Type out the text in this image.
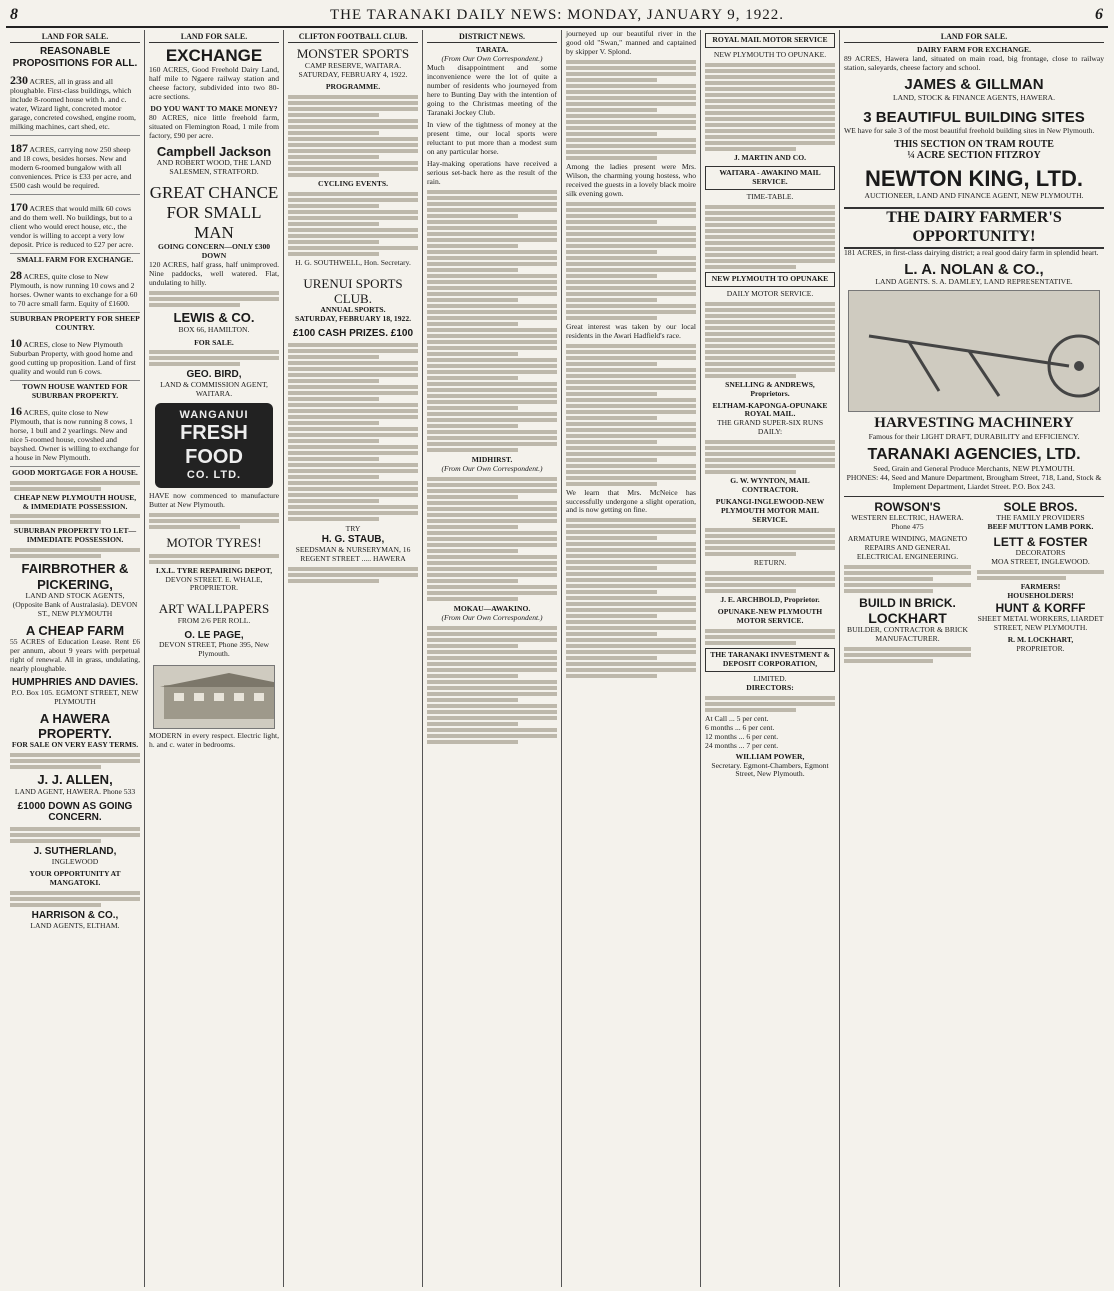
8	THE TARANAKI DAILY NEWS: MONDAY, JANUARY 9, 1922.	6
LAND FOR SALE.
REASONABLE PROPOSITIONS FOR ALL.
230 ACRES, all in grass and all ploughable. First-class buildings, which include 8-roomed house with h. and c. water, Wizard light, concreted motor garage, concreted cowshed, engine room, milking machines, cart shed, etc.
187 ACRES, carrying now 250 sheep and 18 cows, besides horses. New and modern 6-roomed bungalow with all conveniences. Price is £33 per acre, and £500 cash would be required.
170 ACRES that would milk 60 cows and do them well. No buildings, but to a client who would erect house, etc., the vendor is willing to accept a very low deposit. Price is reduced to £27 per acre.
SMALL FARM FOR EXCHANGE.
28 ACRES, quite close to New Plymouth, is now running 10 cows and 2 horses. Owner wants to exchange for a 60 to 70 acre small farm. Equity of £1600.
SUBURBAN PROPERTY FOR SHEEP COUNTRY.
10 ACRES, close to New Plymouth Suburban Property, with good home and good cutting up proposition. Land of first quality and would run 6 cows.
TOWN HOUSE WANTED FOR SUBURBAN PROPERTY.
16 ACRES, quite close to New Plymouth, that is now running 8 cows, 1 horse, 1 bull and 2 yearlings. New and nice 5-roomed house, cowshed and bayshed. Owner is willing to exchange for a house in New Plymouth.
GOOD MORTGAGE FOR A HOUSE.
CHEAP NEW PLYMOUTH HOUSE, & IMMEDIATE POSSESSION.
SUBURBAN PROPERTY TO LET—IMMEDIATE POSSESSION.
FAIRBROTHER & PICKERING,
LAND AND STOCK AGENTS, (Opposite Bank of Australasia). DEVON ST., NEW PLYMOUTH
A CHEAP FARM

55 ACRES of Education Lease. Rent £6 per annum, about 9 years with perpetual right of renewal. All in grass, undulating, nearly ploughable.

HUMPHRIES AND DAVIES.
P.O. Box 105. EGMONT STREET, NEW PLYMOUTH
A HAWERA PROPERTY.
FOR SALE ON VERY EASY TERMS.
J. J. ALLEN,
LAND AGENT, HAWERA. Phone 533
£1000 DOWN AS GOING CONCERN.
J. SUTHERLAND,
INGLEWOOD
YOUR OPPORTUNITY AT MANGATOKI.
HARRISON & CO.,
LAND AGENTS, ELTHAM.
LAND FOR SALE.
EXCHANGE

160 ACRES, Good Freehold Dairy Land, half mile to Ngaere railway station and cheese factory, subdivided into two 80-acre sections.

DO YOU WANT TO MAKE MONEY?

80 ACRES, nice little freehold farm, situated on Flemington Road, 1 mile from factory, £90 per acre.

Campbell Jackson
AND ROBERT WOOD, THE LAND SALESMEN, STRATFORD.
GREAT CHANCE FOR SMALL MAN
GOING CONCERN—ONLY £300 DOWN

120 ACRES, half grass, half unimproved. Nine paddocks, well watered. Flat, undulating to hilly.

LEWIS & CO.
BOX 66, HAMILTON.
FOR SALE.
GEO. BIRD,
LAND & COMMISSION AGENT, WAITARA.
WANGANUI
FRESH FOOD
CO. LTD.

HAVE now commenced to manufacture Butter at New Plymouth.

MOTOR TYRES!
I.X.L. TYRE REPAIRING DEPOT,
DEVON STREET. E. WHALE, PROPRIETOR.
ART WALLPAPERS
FROM 2/6 PER ROLL.
O. LE PAGE,
DEVON STREET, Phone 395, New Plymouth.

MODERN in every respect. Electric light, h. and c. water in bedrooms.

CLIFTON FOOTBALL CLUB.
MONSTER SPORTS
CAMP RESERVE, WAITARA. SATURDAY, FEBRUARY 4, 1922.
PROGRAMME.
CYCLING EVENTS.
H. G. SOUTHWELL, Hon. Secretary.
URENUI SPORTS CLUB.
ANNUAL SPORTS.
SATURDAY, FEBRUARY 18, 1922.
£100 CASH PRIZES. £100
TRY
H. G. STAUB,
SEEDSMAN & NURSERYMAN, 16 REGENT STREET ..... HAWERA
DISTRICT NEWS.
TARATA.
(From Our Own Correspondent.)

Much disappointment and some inconvenience were the lot of quite a number of residents who journeyed from here to Bunting Day with the intention of going to the Christmas meeting of the Taranaki Jockey Club.

In view of the tightness of money at the present time, our local sports were reluctant to put more than a modest sum on any particular horse.

Hay-making operations have received a serious set-back here as the result of the rain.

MIDHIRST.
(From Our Own Correspondent.)
MOKAU—AWAKINO.
(From Our Own Correspondent.)

journeyed up our beautiful river in the good old "Swan," manned and captained by skipper V. Splond.

Among the ladies present were Mrs. Wilson, the charming young hostess, who received the guests in a lovely black moire silk evening gown.

Great interest was taken by our local residents in the Awari Hadfield's race.

We learn that Mrs. McNeice has successfully undergone a slight operation, and is now getting on fine.

ROYAL MAIL MOTOR SERVICE
NEW PLYMOUTH TO OPUNAKE.
J. MARTIN AND CO.
WAITARA - AWAKINO MAIL SERVICE.
TIME-TABLE.
NEW PLYMOUTH TO OPUNAKE
DAILY MOTOR SERVICE.
SNELLING & ANDREWS, Proprietors.
ELTHAM-KAPONGA-OPUNAKE ROYAL MAIL.
THE GRAND SUPER-SIX RUNS DAILY:
G. W. WYNTON, MAIL CONTRACTOR.
PUKANGI-INGLEWOOD-NEW PLYMOUTH MOTOR MAIL SERVICE.
RETURN.
J. E. ARCHBOLD, Proprietor.
OPUNAKE-NEW PLYMOUTH MOTOR SERVICE.
THE TARANAKI INVESTMENT & DEPOSIT CORPORATION,
LIMITED.
DIRECTORS:
At Call ... 5 per cent.
6 months ... 6 per cent.
12 months ... 6 per cent.
24 months ... 7 per cent.
WILLIAM POWER,
Secretary. Egmont-Chambers, Egmont Street, New Plymouth.
LAND FOR SALE.
DAIRY FARM FOR EXCHANGE.

89 ACRES, Hawera land, situated on main road, big frontage, close to railway station, saleyards, cheese factory and school.

JAMES & GILLMAN
LAND, STOCK & FINANCE AGENTS, HAWERA.
3 BEAUTIFUL BUILDING SITES

WE have for sale 3 of the most beautiful freehold building sites in New Plymouth.

THIS SECTION ON TRAM ROUTE
¼ ACRE SECTION FITZROY
NEWTON KING, LTD.
AUCTIONEER, LAND AND FINANCE AGENT, NEW PLYMOUTH.
THE DAIRY FARMER'S OPPORTUNITY!

181 ACRES, in first-class dairying district; a real good dairy farm in splendid heart.

L. A. NOLAN & CO.,
LAND AGENTS. S. A. DAMLEY, LAND REPRESENTATIVE.
HARVESTING MACHINERY
Famous for their LIGHT DRAFT, DURABILITY and EFFICIENCY.
TARANAKI AGENCIES, LTD.
Seed, Grain and General Produce Merchants, NEW PLYMOUTH.
PHONES: 44, Seed and Manure Department, Brougham Street, 718, Land, Stock & Implement Department, Liardet Street. P.O. Box 243.
ROWSON'S
WESTERN ELECTRIC, HAWERA. Phone 475
ARMATURE WINDING, MAGNETO REPAIRS AND GENERAL ELECTRICAL ENGINEERING.
BUILD IN BRICK.
LOCKHART
BUILDER, CONTRACTOR & BRICK MANUFACTURER.
SOLE BROS.
THE FAMILY PROVIDERS
BEEF MUTTON LAMB PORK.
LETT & FOSTER
DECORATORS
MOA STREET, INGLEWOOD.
FARMERS!
HOUSEHOLDERS!
HUNT & KORFF
SHEET METAL WORKERS, LIARDET STREET, NEW PLYMOUTH.
R. M. LOCKHART,
PROPRIETOR.
